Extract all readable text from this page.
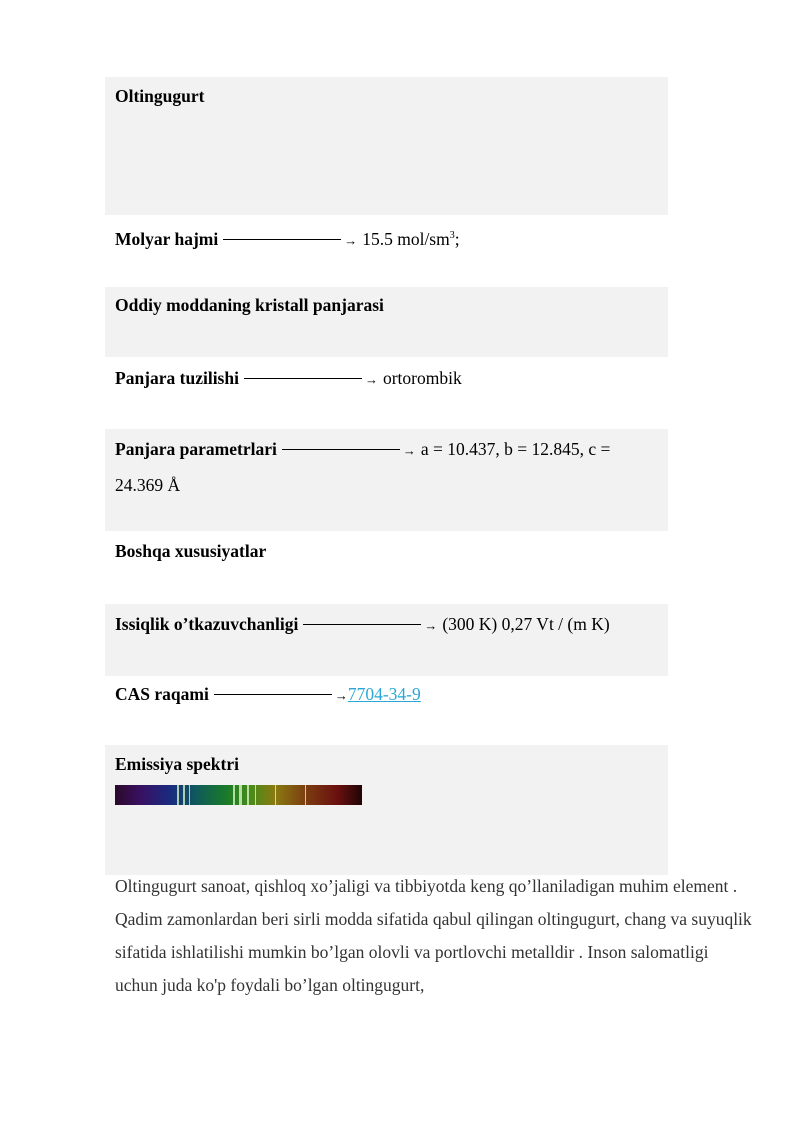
Oltingugurt
Molyar hajmi	→ 15.5 mol/$sm^3$;
Oddiy moddaning kristall panjarasi
Panjara tuzilishi	→ ortorombik
Panjara parametrlari	→ a = 10.437, b = 12.845, c = 24.369 Å
Boshqa xususiyatlar
Issiqlik o’tkazuvchanligi	→ (300 K) 0,27 Vt / (m K)
CAS raqami	→7704-34-9
Emissiya spektri

Oltingugurt sanoat, qishloq xo’jaligi va tibbiyotda keng qo’llaniladigan muhim element . Qadim zamonlardan beri sirli modda sifatida qabul qilingan oltingugurt, chang va suyuqlik sifatida ishlatilishi mumkin bo’lgan olovli va portlovchi metalldir . Inson salomatligi uchun juda ko'p foydali bo’lgan oltingugurt,
